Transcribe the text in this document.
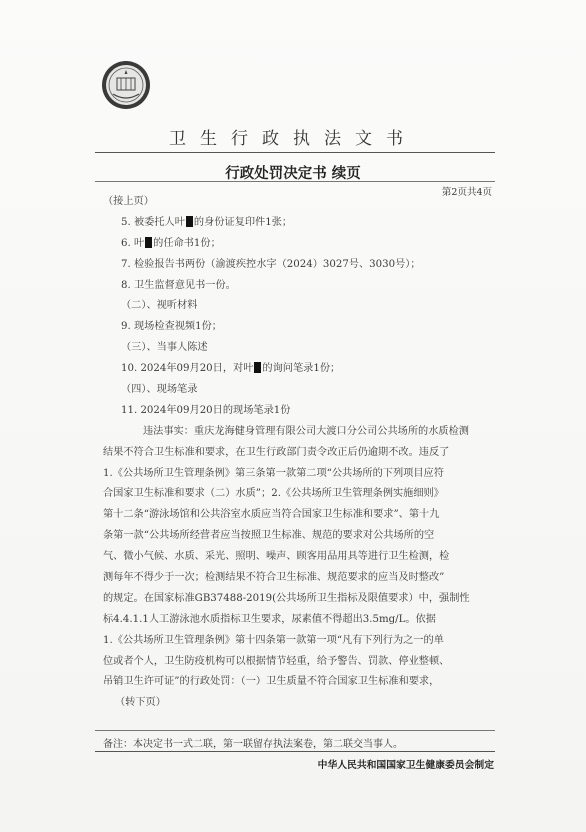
卫生行政执法文书
行政处罚决定书 续页
第2页共4页
（接上页）
5. 被委托人叶 的身份证复印件1张；
6. 叶 的任命书1份；
7. 检验报告书两份（渝渡疾控水字（2024）3027号、3030号）；
8. 卫生监督意见书一份。
（二）、视听材料
9. 现场检查视频1份；
（三）、当事人陈述
10. 2024年09月20日，对叶 的询问笔录1份；
（四）、现场笔录
11. 2024年09月20日的现场笔录1份
违法事实：重庆龙海健身管理有限公司大渡口分公司公共场所的水质检测
结果不符合卫生标准和要求，在卫生行政部门责令改正后仍逾期不改。违反了
1.《公共场所卫生管理条例》第三条第一款第二项“公共场所的下列项目应符
合国家卫生标准和要求（二）水质”；2.《公共场所卫生管理条例实施细则》
第十二条“游泳场馆和公共浴室水质应当符合国家卫生标准和要求”、第十九
条第一款“公共场所经营者应当按照卫生标准、规范的要求对公共场所的空
气、微小气候、水质、采光、照明、噪声、顾客用品用具等进行卫生检测，检
测每年不得少于一次；检测结果不符合卫生标准、规范要求的应当及时整改”
的规定。在国家标准GB37488-2019(公共场所卫生指标及限值要求）中，强制性
标4.4.1.1人工游泳池水质指标卫生要求，尿素值不得超出3.5mg/L。依据
1.《公共场所卫生管理条例》第十四条第一款第一项“凡有下列行为之一的单
位或者个人，卫生防疫机构可以根据情节轻重，给予警告、罚款、停业整顿、
吊销卫生许可证”的行政处罚：（一）卫生质量不符合国家卫生标准和要求，
（转下页）
备注：本决定书一式二联，第一联留存执法案卷，第二联交当事人。
中华人民共和国国家卫生健康委员会制定
